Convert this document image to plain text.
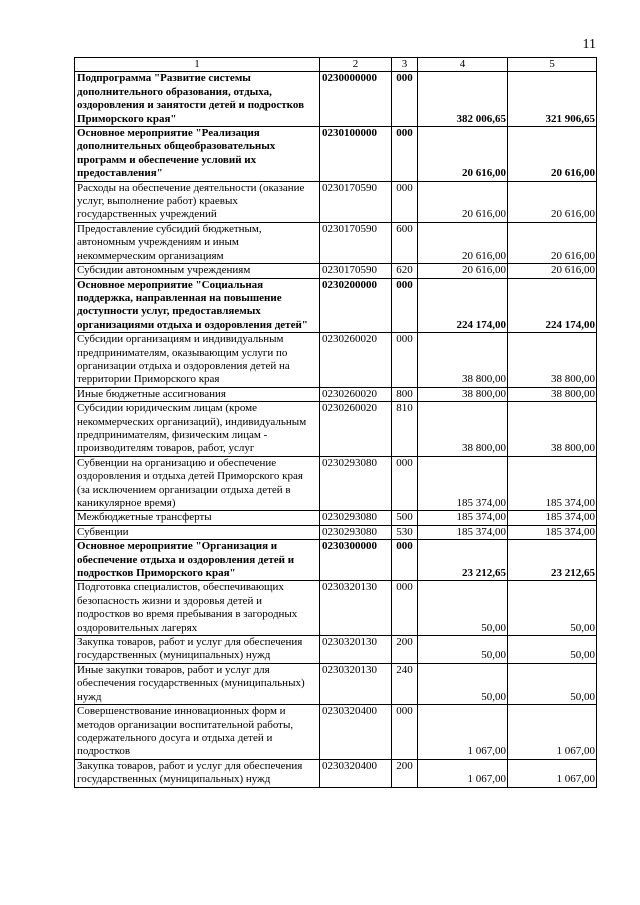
11
1	2	3	4	5
Подпрограмма "Развитие системы дополнительного образования, отдыха, оздоровления и занятости детей и подростков Приморского края"	0230000000	000	382 006,65	321 906,65
Основное мероприятие "Реализация дополнительных общеобразовательных программ и обеспечение условий их предоставления"	0230100000	000	20 616,00	20 616,00
Расходы на обеспечение деятельности (оказание услуг, выполнение работ) краевых государственных учреждений	0230170590	000	20 616,00	20 616,00
Предоставление субсидий бюджетным, автономным учреждениям и иным некоммерческим организациям	0230170590	600	20 616,00	20 616,00
Субсидии автономным учреждениям	0230170590	620	20 616,00	20 616,00
Основное мероприятие "Социальная поддержка, направленная на повышение доступности услуг, предоставляемых организациями отдыха и оздоровления детей"	0230200000	000	224 174,00	224 174,00
Субсидии организациям и индивидуальным предпринимателям, оказывающим услуги по организации отдыха и оздоровления детей на территории Приморского края	0230260020	000	38 800,00	38 800,00
Иные бюджетные ассигнования	0230260020	800	38 800,00	38 800,00
Субсидии юридическим лицам (кроме некоммерческих организаций), индивидуальным предпринимателям, физическим лицам - производителям товаров, работ, услуг	0230260020	810	38 800,00	38 800,00
Субвенции на организацию и обеспечение оздоровления и отдыха детей Приморского края (за исключением организации отдыха детей в каникулярное время)	0230293080	000	185 374,00	185 374,00
Межбюджетные трансферты	0230293080	500	185 374,00	185 374,00
Субвенции	0230293080	530	185 374,00	185 374,00
Основное мероприятие "Организация и обеспечение отдыха и оздоровления детей и подростков Приморского края"	0230300000	000	23 212,65	23 212,65
Подготовка специалистов, обеспечивающих безопасность жизни и здоровья детей и подростков во время пребывания в загородных оздоровительных лагерях	0230320130	000	50,00	50,00
Закупка товаров, работ и услуг для обеспечения государственных (муниципальных) нужд	0230320130	200	50,00	50,00
Иные закупки товаров, работ и услуг для обеспечения государственных (муниципальных) нужд	0230320130	240	50,00	50,00
Совершенствование инновационных форм и методов организации воспитательной работы, содержательного досуга и отдыха детей и подростков	0230320400	000	1 067,00	1 067,00
Закупка товаров, работ и услуг для обеспечения государственных (муниципальных) нужд	0230320400	200	1 067,00	1 067,00
